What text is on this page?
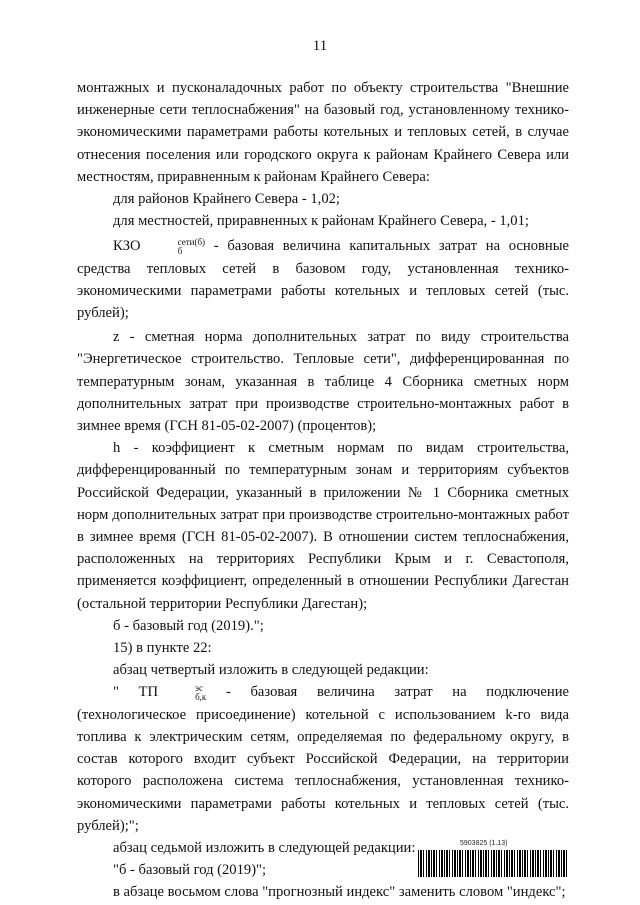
11

монтажных и пусконаладочных работ по объекту строительства "Внешние инженерные сети теплоснабжения" на базовый год, установленному технико-экономическими параметрами работы котельных и тепловых сетей, в случае отнесения поселения или городского округа к районам Крайнего Севера или местностям, приравненным к районам Крайнего Севера:

для районов Крайнего Севера - 1,02;

для местностей, приравненных к районам Крайнего Севера, - 1,01;

КЗО	сети(б)
б	- базовая величина капитальных затрат на основные средства тепловых сетей в базовом году, установленная технико-экономическими параметрами работы котельных и тепловых сетей (тыс. рублей);

z - сметная норма дополнительных затрат по виду строительства "Энергетическое строительство. Тепловые сети", дифференцированная по температурным зонам, указанная в таблице 4 Сборника сметных норм дополнительных затрат при производстве строительно-монтажных работ в зимнее время (ГСН 81-05-02-2007) (процентов);

h - коэффициент к сметным нормам по видам строительства, дифференцированный по температурным зонам и территориям субъектов Российской Федерации, указанный в приложении № 1 Сборника сметных норм дополнительных затрат при производстве строительно-монтажных работ в зимнее время (ГСН 81-05-02-2007). В отношении систем теплоснабжения, расположенных на территориях Республики Крым и г. Севастополя, применяется коэффициент, определенный в отношении Республики Дагестан (остальной территории Республики Дагестан);

б - базовый год (2019).";

15) в пункте 22:

абзац четвертый изложить в следующей редакции:

" ТП	эс
б,к - базовая величина затрат на подключение (технологическое присоединение) котельной с использованием k-го вида топлива к электрическим сетям, определяемая по федеральному округу, в состав которого входит субъект Российской Федерации, на территории которого расположена система теплоснабжения, установленная технико-экономическими параметрами работы котельных и тепловых сетей (тыс. рублей);";

абзац седьмой изложить в следующей редакции:

"б - базовый год (2019)";

в абзаце восьмом слова "прогнозный индекс" заменить словом "индекс";

5903825 (1.13)
